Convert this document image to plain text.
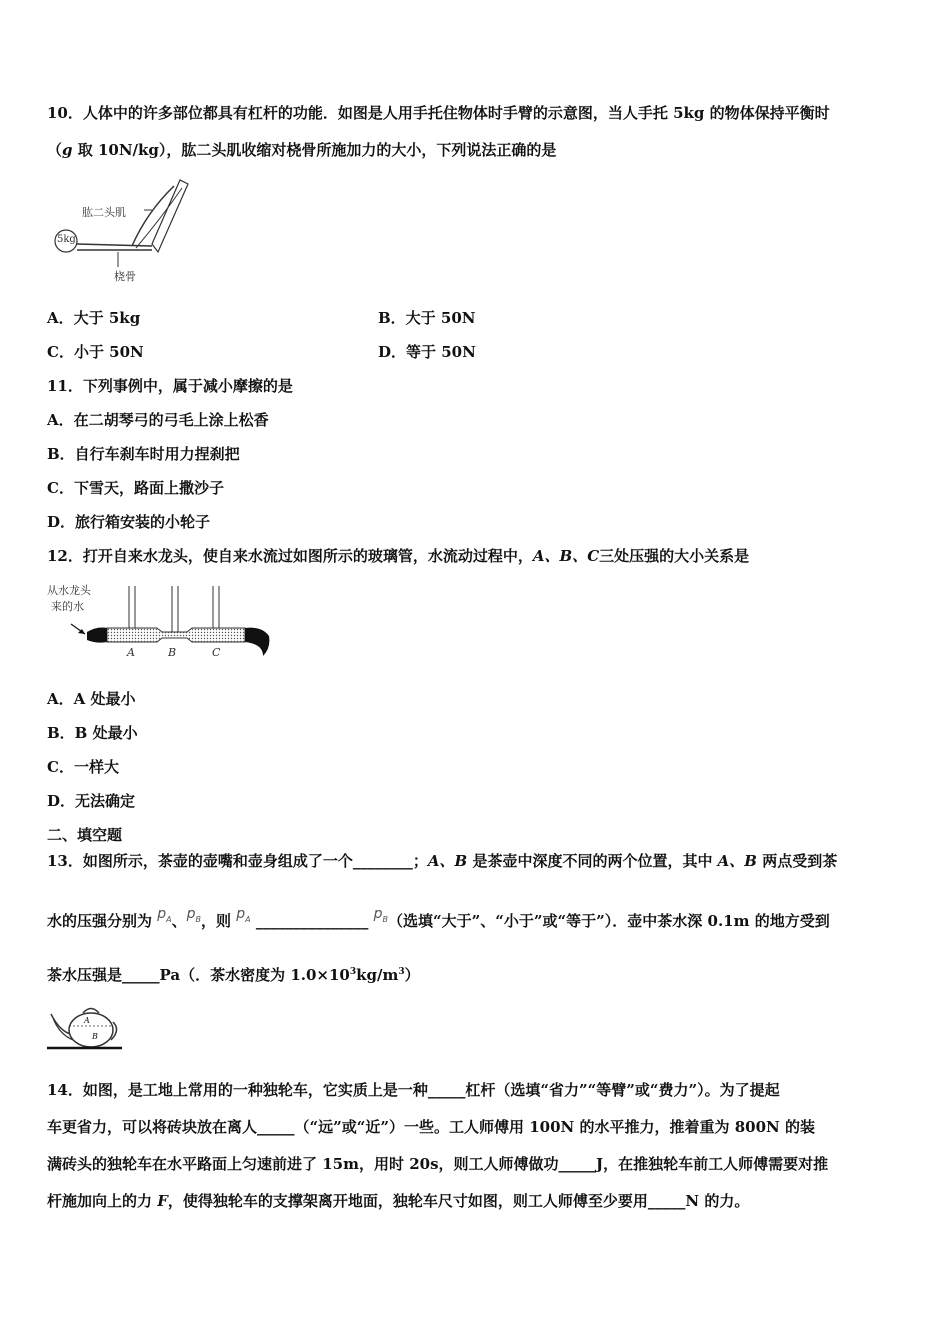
10．人体中的许多部位都具有杠杆的功能．如图是人用手托住物体时手臂的示意图，当人手托 5kg 的物体保持平衡时
（g 取 10N/kg），肱二头肌收缩对桡骨所施加力的大小，下列说法正确的是
肱二头肌
5kg
桡骨
A．大于 5kg	B．大于 50N
C．小于 50N	D．等于 50N
11．下列事例中，属于减小摩擦的是
A．在二胡琴弓的弓毛上涂上松香
B．自行车刹车时用力捏刹把
C．下雪天，路面上撒沙子
D．旅行箱安装的小轮子
12．打开自来水龙头，使自来水流过如图所示的玻璃管，水流动过程中，A、B、C三处压强的大小关系是
从水龙头
来的水
A	B	C
A．A 处最小
B．B 处最小
C．一样大
D．无法确定
二、填空题
13．如图所示，茶壶的壶嘴和壶身组成了一个________；A、B 是茶壶中深度不同的两个位置，其中 A、B 两点受到茶
水的压强分别为 $p_A$、$p_B$，则 $p_A$ _______________ $p_B$（选填“大于”、“小于”或“等于”）．壶中茶水深 0.1m 的地方受到
茶水压强是_____Pa（．茶水密度为 $1.0\times 10^3kg/m^3$）
A
B
14．如图，是工地上常用的一种独轮车，它实质上是一种_____杠杆（选填“省力”“等臂”或“费力”）。为了提起
车更省力，可以将砖块放在离人_____（“远”或“近”）一些。工人师傅用 100N 的水平推力，推着重为 800N 的装
满砖头的独轮车在水平路面上匀速前进了 15m，用时 20s，则工人师傅做功_____J，在推独轮车前工人师傅需要对推
杆施加向上的力 F，使得独轮车的支撑架离开地面，独轮车尺寸如图，则工人师傅至少要用_____N 的力。
